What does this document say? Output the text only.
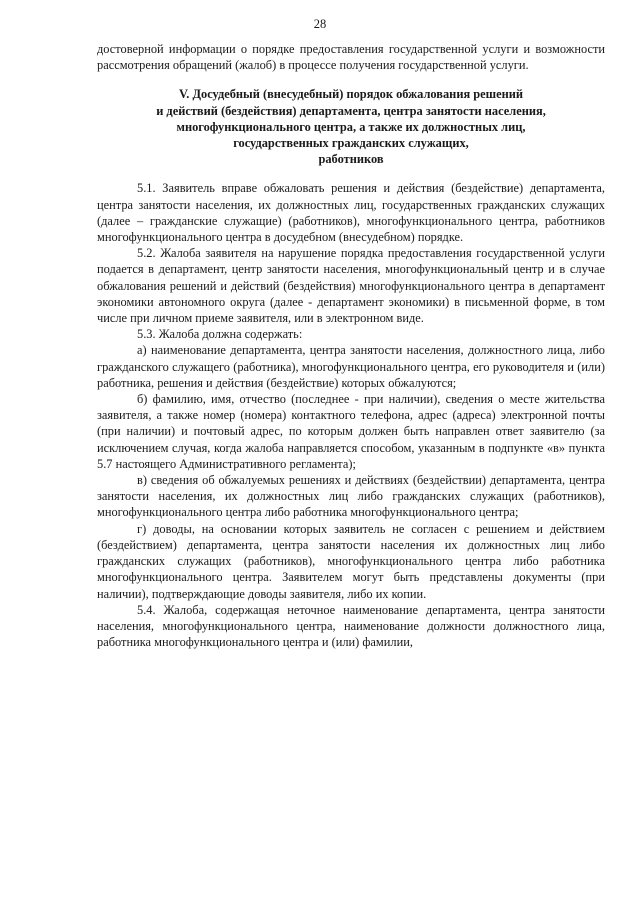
28

достоверной информации о порядке предоставления государственной услуги и возможности рассмотрения обращений (жалоб) в процессе получения государственной услуги.

V. Досудебный (внесудебный) порядок обжалования решений
и действий (бездействия) департамента, центра занятости населения,
многофункционального центра, а также их должностных лиц,
государственных гражданских служащих,
работников

5.1. Заявитель вправе обжаловать решения и действия (бездействие) департамента, центра занятости населения, их должностных лиц, государственных гражданских служащих (далее – гражданские служащие) (работников), многофункционального центра, работников многофункционального центра в досудебном (внесудебном) порядке.

5.2. Жалоба заявителя на нарушение порядка предоставления государственной услуги подается в департамент, центр занятости населения, многофункциональный центр и в случае обжалования решений и действий (бездействия) многофункционального центра в департамент экономики автономного округа (далее - департамент экономики) в письменной форме, в том числе при личном приеме заявителя, или в электронном виде.

5.3. Жалоба должна содержать:

а) наименование департамента, центра занятости населения, должностного лица, либо гражданского служащего (работника), многофункционального центра, его руководителя и (или) работника, решения и действия (бездействие) которых обжалуются;

б) фамилию, имя, отчество (последнее - при наличии), сведения о месте жительства заявителя, а также номер (номера) контактного телефона, адрес (адреса) электронной почты (при наличии) и почтовый адрес, по которым должен быть направлен ответ заявителю (за исключением случая, когда жалоба направляется способом, указанным в подпункте «в» пункта 5.7 настоящего Административного регламента);

в) сведения об обжалуемых решениях и действиях (бездействии) департамента, центра занятости населения, их должностных лиц либо гражданских служащих (работников), многофункционального центра либо работника многофункционального центра;

г) доводы, на основании которых заявитель не согласен с решением и действием (бездействием) департамента, центра занятости населения их должностных лиц либо гражданских служащих (работников), многофункционального центра либо работника многофункционального центра. Заявителем могут быть представлены документы (при наличии), подтверждающие доводы заявителя, либо их копии.

5.4. Жалоба, содержащая неточное наименование департамента, центра занятости населения, многофункционального центра, наименование должности должностного лица, работника многофункционального центра и (или) фамилии,
